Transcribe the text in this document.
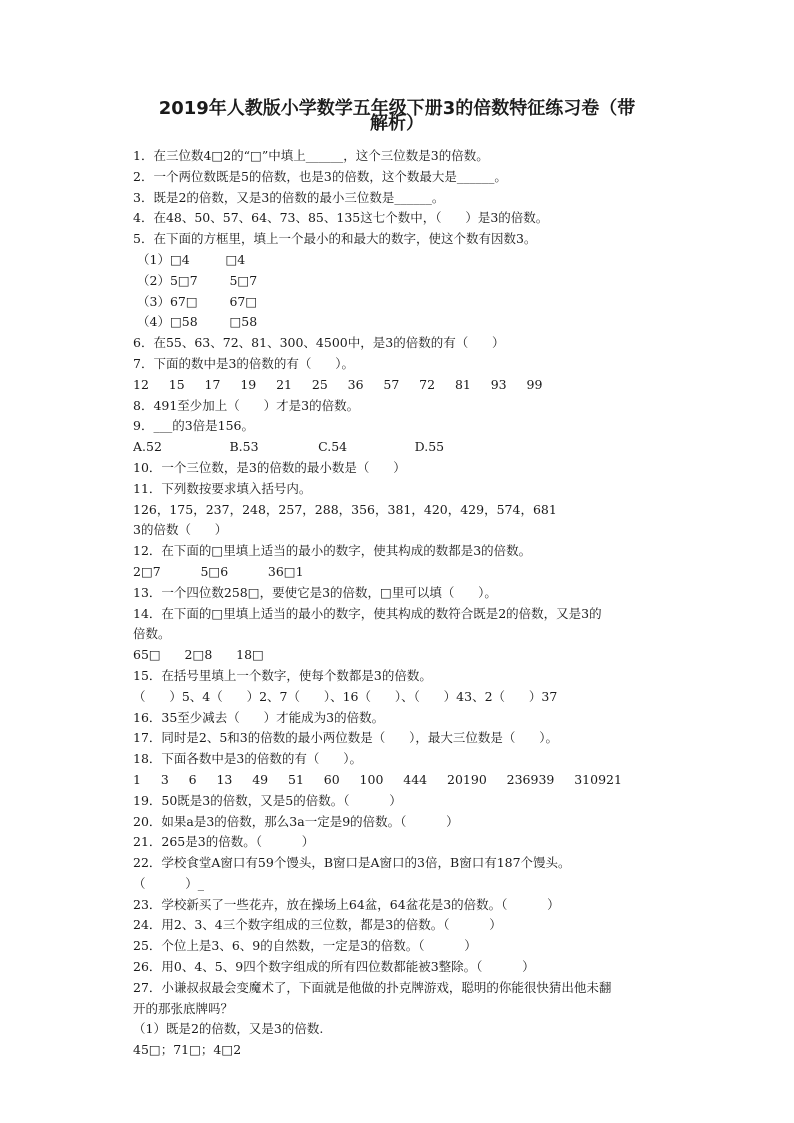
2019年人教版小学数学五年级下册3的倍数特征练习卷（带
解析）
1．在三位数4□2的“□”中填上______，这个三位数是3的倍数。
2．一个两位数既是5的倍数，也是3的倍数，这个数最大是______。
3．既是2的倍数，又是3的倍数的最小三位数是______。
4．在48、50、57、64、73、85、135这七个数中，（      ）是3的倍数。
5．在下面的方框里，填上一个最小的和最大的数字，使这个数有因数3。
（1）□4         □4
（2）5□7        5□7
（3）67□        67□
（4）□58        □58
6．在55、63、72、81、300、4500中，是3的倍数的有（      ）
7．下面的数中是3的倍数的有（      ）。
12     15     17     19     21     25     36     57     72     81     93     99
8．491至少加上（      ）才是3的倍数。
9．___的3倍是156。
A.52                 B.53               C.54                 D.55
10．一个三位数，是3的倍数的最小数是（      ）
11．下列数按要求填入括号内。
126，175，237，248，257，288，356，381，420，429，574，681
3的倍数（      ）
12．在下面的□里填上适当的最小的数字，使其构成的数都是3的倍数。
2□7          5□6          36□1
13．一个四位数258□，要使它是3的倍数，□里可以填（      ）。
14．在下面的□里填上适当的最小的数字，使其构成的数符合既是2的倍数，又是3的
倍数。
65□      2□8      18□
15．在括号里填上一个数字，使每个数都是3的倍数。
（      ）5、4（      ）2、7（      ）、16（      ）、（      ）43、2（      ）37
16．35至少减去（      ）才能成为3的倍数。
17．同时是2、5和3的倍数的最小两位数是（      ），最大三位数是（      ）。
18．下面各数中是3的倍数的有（      ）。
1     3     6     13     49     51     60     100     444     20190     236939     310921
19．50既是3的倍数，又是5的倍数。（          ）
20．如果a是3的倍数，那么3a一定是9的倍数。（          ）
21．265是3的倍数。（          ）
22．学校食堂A窗口有59个馒头，B窗口是A窗口的3倍，B窗口有187个馒头。
（          ）_
23．学校新买了一些花卉，放在操场上64盆，64盆花是3的倍数。（          ）
24．用2、3、4三个数字组成的三位数，都是3的倍数。（          ）
25．个位上是3、6、9的自然数，一定是3的倍数。（          ）
26．用0、4、5、9四个数字组成的所有四位数都能被3整除。（          ）
27．小谦叔叔最会变魔术了，下面就是他做的扑克牌游戏，聪明的你能很快猜出他未翻
开的那张底牌吗？
（1）既是2的倍数，又是3的倍数.
45□；71□；4□2
